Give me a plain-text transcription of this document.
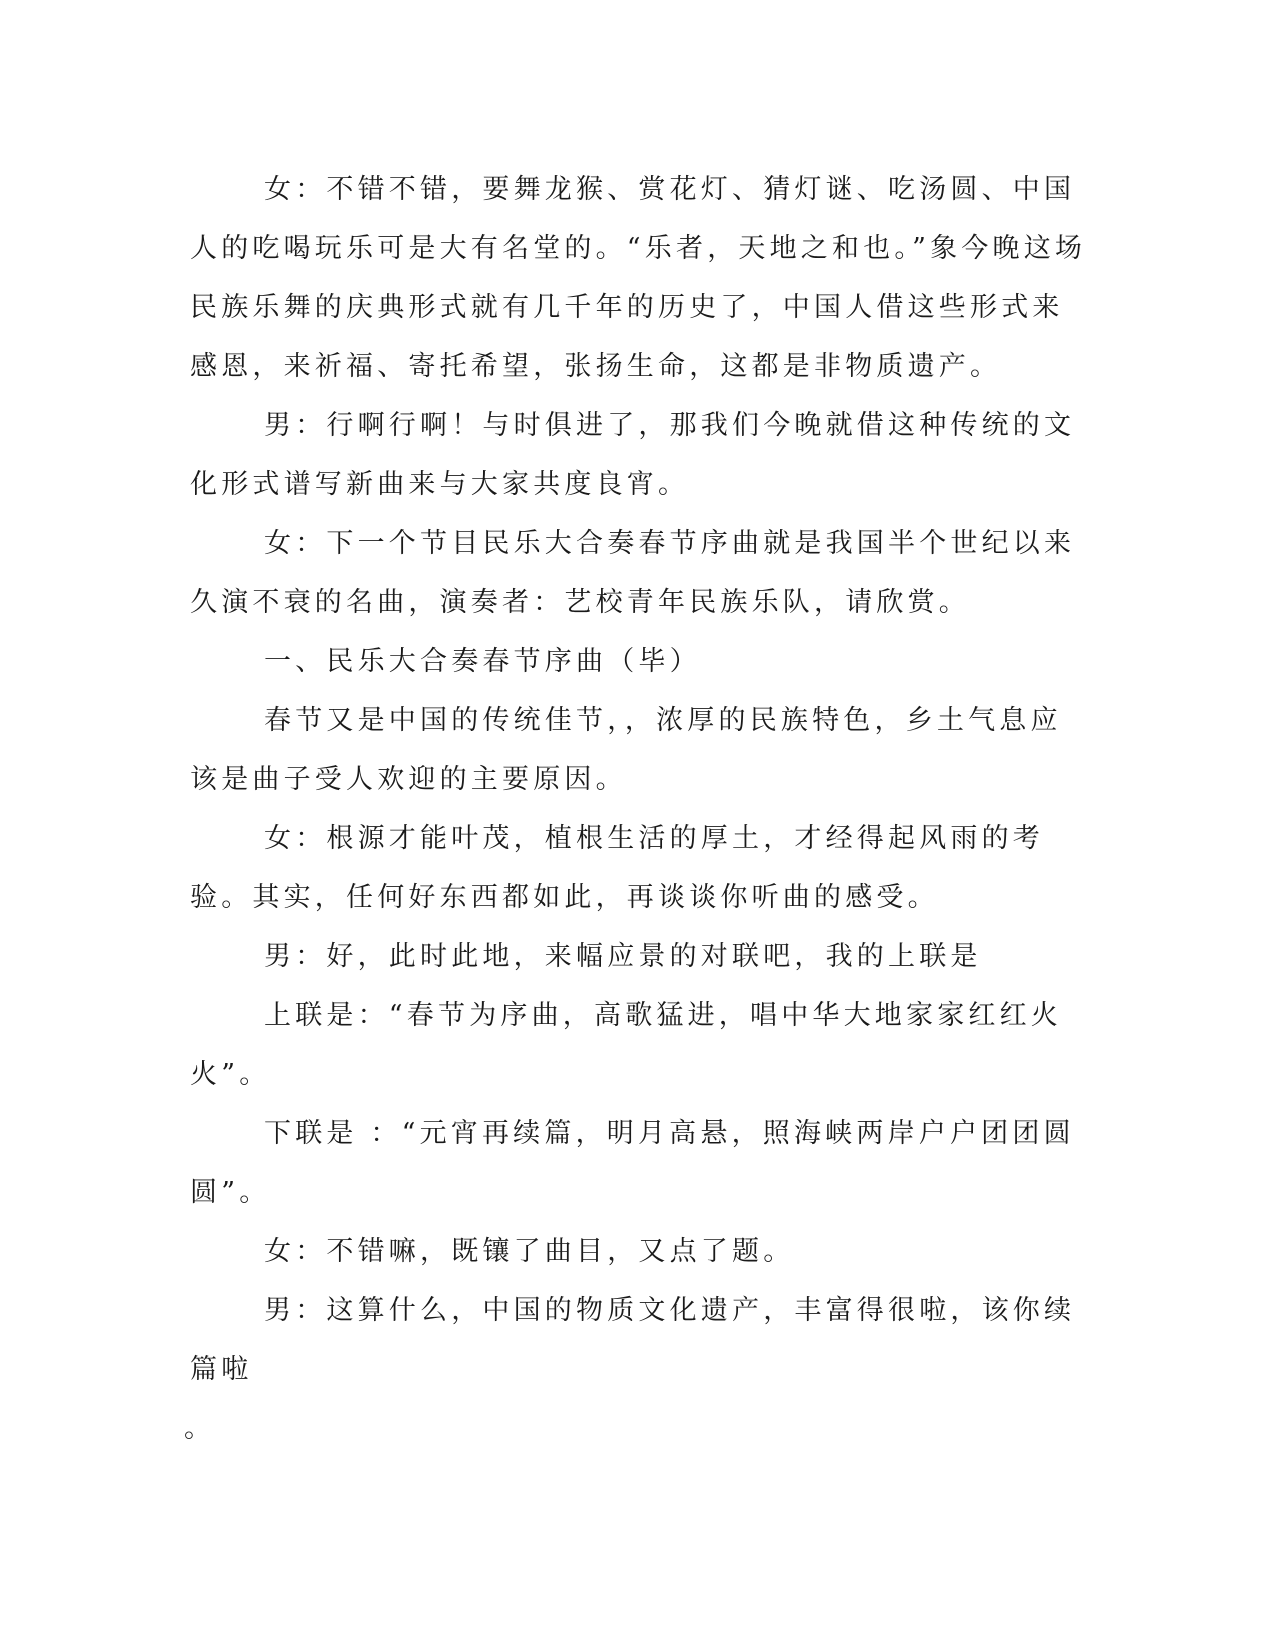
女：不错不错，要舞龙猴、赏花灯、猜灯谜、吃汤圆、中国人的吃喝玩乐可是大有名堂的。“乐者，天地之和也。”象今晚这场民族乐舞的庆典形式就有几千年的历史了，中国人借这些形式来感恩，来祈福、寄托希望，张扬生命，这都是非物质遗产。

男：行啊行啊！与时俱进了，那我们今晚就借这种传统的文化形式谱写新曲来与大家共度良宵。

女：下一个节目民乐大合奏春节序曲就是我国半个世纪以来久演不衰的名曲，演奏者：艺校青年民族乐队，请欣赏。

一、民乐大合奏春节序曲（毕）

春节又是中国的传统佳节，，浓厚的民族特色，乡土气息应该是曲子受人欢迎的主要原因。

女：根源才能叶茂，植根生活的厚土，才经得起风雨的考验。其实，任何好东西都如此，再谈谈你听曲的感受。

男：好，此时此地，来幅应景的对联吧，我的上联是

上联是：“春节为序曲，高歌猛进，唱中华大地家家红红火火”。

下联是 ：“元宵再续篇，明月高悬，照海峡两岸户户团团圆圆”。

女：不错嘛，既镶了曲目，又点了题。

男：这算什么，中国的物质文化遗产，丰富得很啦，该你续篇啦
。
